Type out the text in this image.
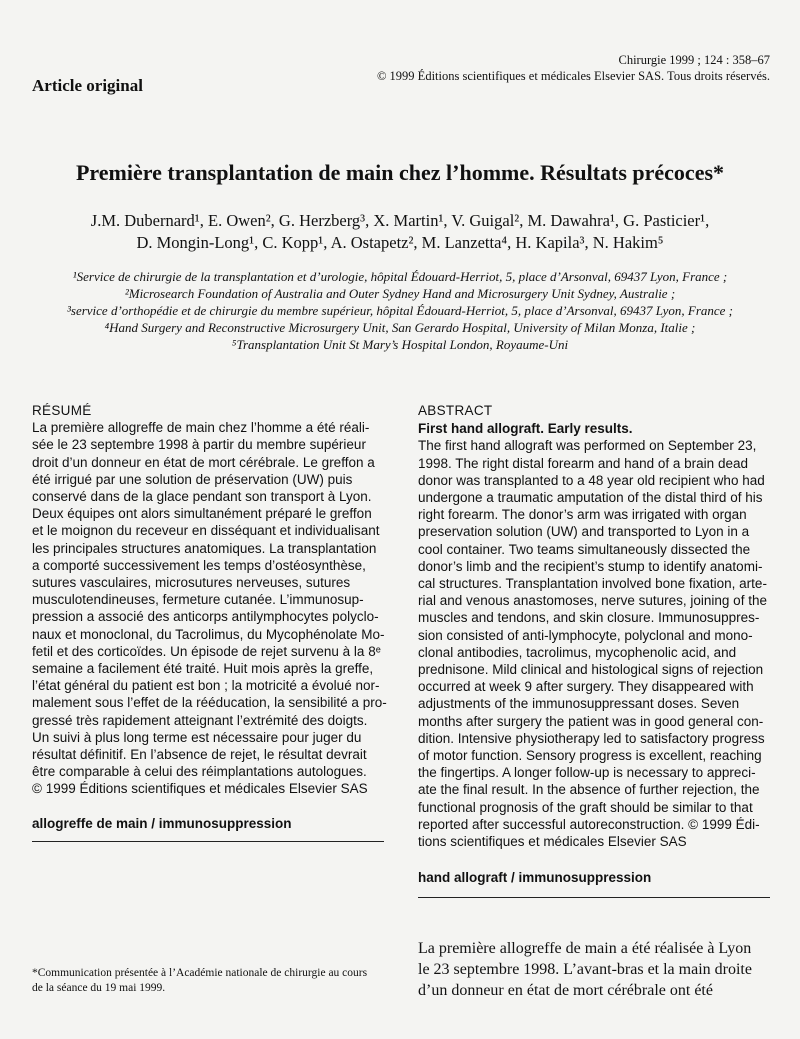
Article original
Chirurgie 1999 ; 124 : 358–67
© 1999 Éditions scientifiques et médicales Elsevier SAS. Tous droits réservés.
Première transplantation de main chez l’homme. Résultats précoces*
J.M. Dubernard¹, E. Owen², G. Herzberg³, X. Martin¹, V. Guigal², M. Dawahra¹, G. Pasticier¹,
D. Mongin-Long¹, C. Kopp¹, A. Ostapetz², M. Lanzetta⁴, H. Kapila³, N. Hakim⁵
¹Service de chirurgie de la transplantation et d’urologie, hôpital Édouard-Herriot, 5, place d’Arsonval, 69437 Lyon, France ;
²Microsearch Foundation of Australia and Outer Sydney Hand and Microsurgery Unit Sydney, Australie ;
³service d’orthopédie et de chirurgie du membre supérieur, hôpital Édouard-Herriot, 5, place d’Arsonval, 69437 Lyon, France ;
⁴Hand Surgery and Reconstructive Microsurgery Unit, San Gerardo Hospital, University of Milan Monza, Italie ;
⁵Transplantation Unit St Mary’s Hospital London, Royaume-Uni
RÉSUMÉ
La première allogreffe de main chez l’homme a été réali-
sée le 23 septembre 1998 à partir du membre supérieur
droit d’un donneur en état de mort cérébrale. Le greffon a
été irrigué par une solution de préservation (UW) puis
conservé dans de la glace pendant son transport à Lyon.
Deux équipes ont alors simultanément préparé le greffon
et le moignon du receveur en disséquant et individualisant
les principales structures anatomiques. La transplantation
a comporté successivement les temps d’ostéosynthèse,
sutures vasculaires, microsutures nerveuses, sutures
musculotendineuses, fermeture cutanée. L’immunosup-
pression a associé des anticorps antilymphocytes polyclo-
naux et monoclonal, du Tacrolimus, du Mycophénolate Mo-
fetil et des corticoïdes. Un épisode de rejet survenu à la 8ᵉ
semaine a facilement été traité. Huit mois après la greffe,
l’état général du patient est bon ; la motricité a évolué nor-
malement sous l’effet de la rééducation, la sensibilité a pro-
gressé très rapidement atteignant l’extrémité des doigts.
Un suivi à plus long terme est nécessaire pour juger du
résultat définitif. En l’absence de rejet, le résultat devrait
être comparable à celui des réimplantations autologues.
© 1999 Éditions scientifiques et médicales Elsevier SAS
allogreffe de main / immunosuppression
ABSTRACT
First hand allograft. Early results.
The first hand allograft was performed on September 23,
1998. The right distal forearm and hand of a brain dead
donor was transplanted to a 48 year old recipient who had
undergone a traumatic amputation of the distal third of his
right forearm. The donor’s arm was irrigated with organ
preservation solution (UW) and transported to Lyon in a
cool container. Two teams simultaneously dissected the
donor’s limb and the recipient’s stump to identify anatomi-
cal structures. Transplantation involved bone fixation, arte-
rial and venous anastomoses, nerve sutures, joining of the
muscles and tendons, and skin closure. Immunosuppres-
sion consisted of anti-lymphocyte, polyclonal and mono-
clonal antibodies, tacrolimus, mycophenolic acid, and
prednisone. Mild clinical and histological signs of rejection
occurred at week 9 after surgery. They disappeared with
adjustments of the immunosuppressant doses. Seven
months after surgery the patient was in good general con-
dition. Intensive physiotherapy led to satisfactory progress
of motor function. Sensory progress is excellent, reaching
the fingertips. A longer follow-up is necessary to appreci-
ate the final result. In the absence of further rejection, the
functional prognosis of the graft should be similar to that
reported after successful autoreconstruction. © 1999 Édi-
tions scientifiques et médicales Elsevier SAS
hand allograft / immunosuppression
*Communication présentée à l’Académie nationale de chirurgie au cours
de la séance du 19 mai 1999.
La première allogreffe de main a été réalisée à Lyon
le 23 septembre 1998. L’avant-bras et la main droite
d’un donneur en état de mort cérébrale ont été
